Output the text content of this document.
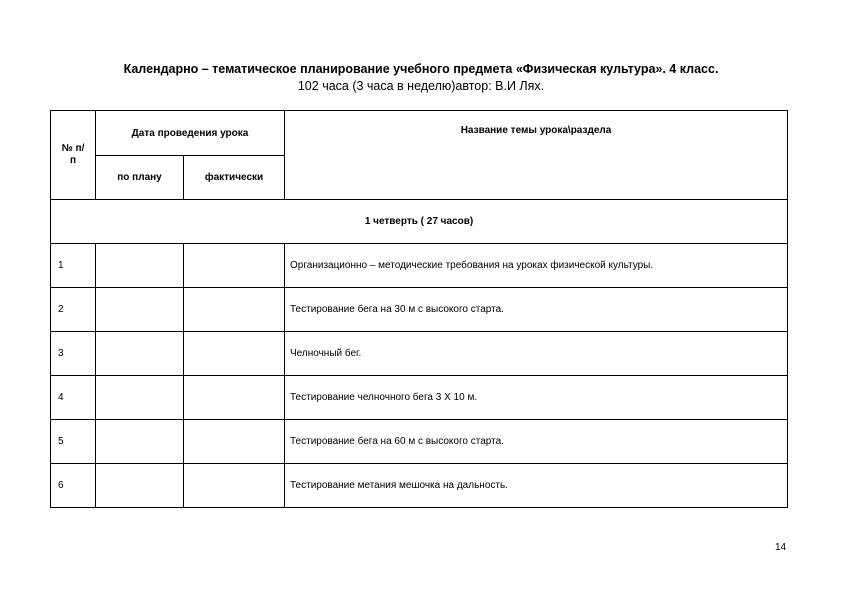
Календарно – тематическое планирование учебного предмета «Физическая культура». 4 класс.
102 часа (3 часа в неделю)автор: В.И Лях.
№ п/п	Дата проведения урока		Название темы урока\раздела
	по плану	фактически	
1 четверть ( 27 часов)			
1			Организационно – методические требования на уроках физической культуры.
2			Тестирование бега на 30 м с высокого старта.
3			Челночный бег.
4			Тестирование челночного бега 3 X 10 м.
5			Тестирование бега на 60 м с высокого старта.
6			Тестирование метания мешочка на дальность.
14
